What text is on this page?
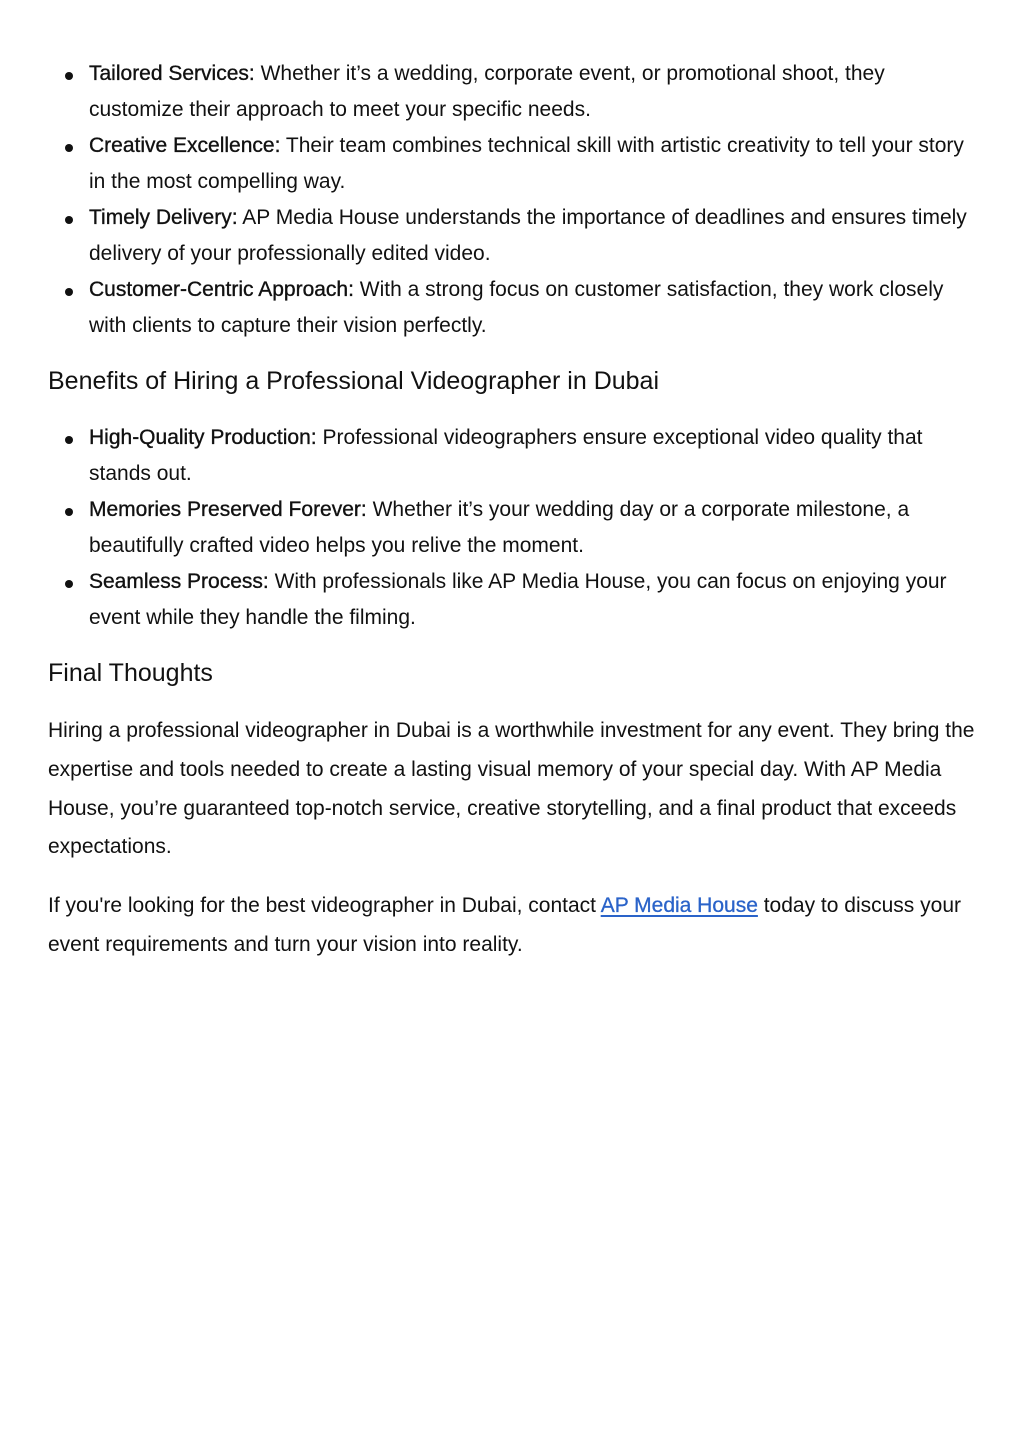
Tailored Services: Whether it’s a wedding, corporate event, or promotional shoot, they customize their approach to meet your specific needs.
Creative Excellence: Their team combines technical skill with artistic creativity to tell your story in the most compelling way.
Timely Delivery: AP Media House understands the importance of deadlines and ensures timely delivery of your professionally edited video.
Customer-Centric Approach: With a strong focus on customer satisfaction, they work closely with clients to capture their vision perfectly.
Benefits of Hiring a Professional Videographer in Dubai
High-Quality Production: Professional videographers ensure exceptional video quality that stands out.
Memories Preserved Forever: Whether it’s your wedding day or a corporate milestone, a beautifully crafted video helps you relive the moment.
Seamless Process: With professionals like AP Media House, you can focus on enjoying your event while they handle the filming.
Final Thoughts

Hiring a professional videographer in Dubai is a worthwhile investment for any event. They bring the expertise and tools needed to create a lasting visual memory of your special day. With AP Media House, you’re guaranteed top-notch service, creative storytelling, and a final product that exceeds expectations.

If you're looking for the best videographer in Dubai, contact AP Media House today to discuss your event requirements and turn your vision into reality.
